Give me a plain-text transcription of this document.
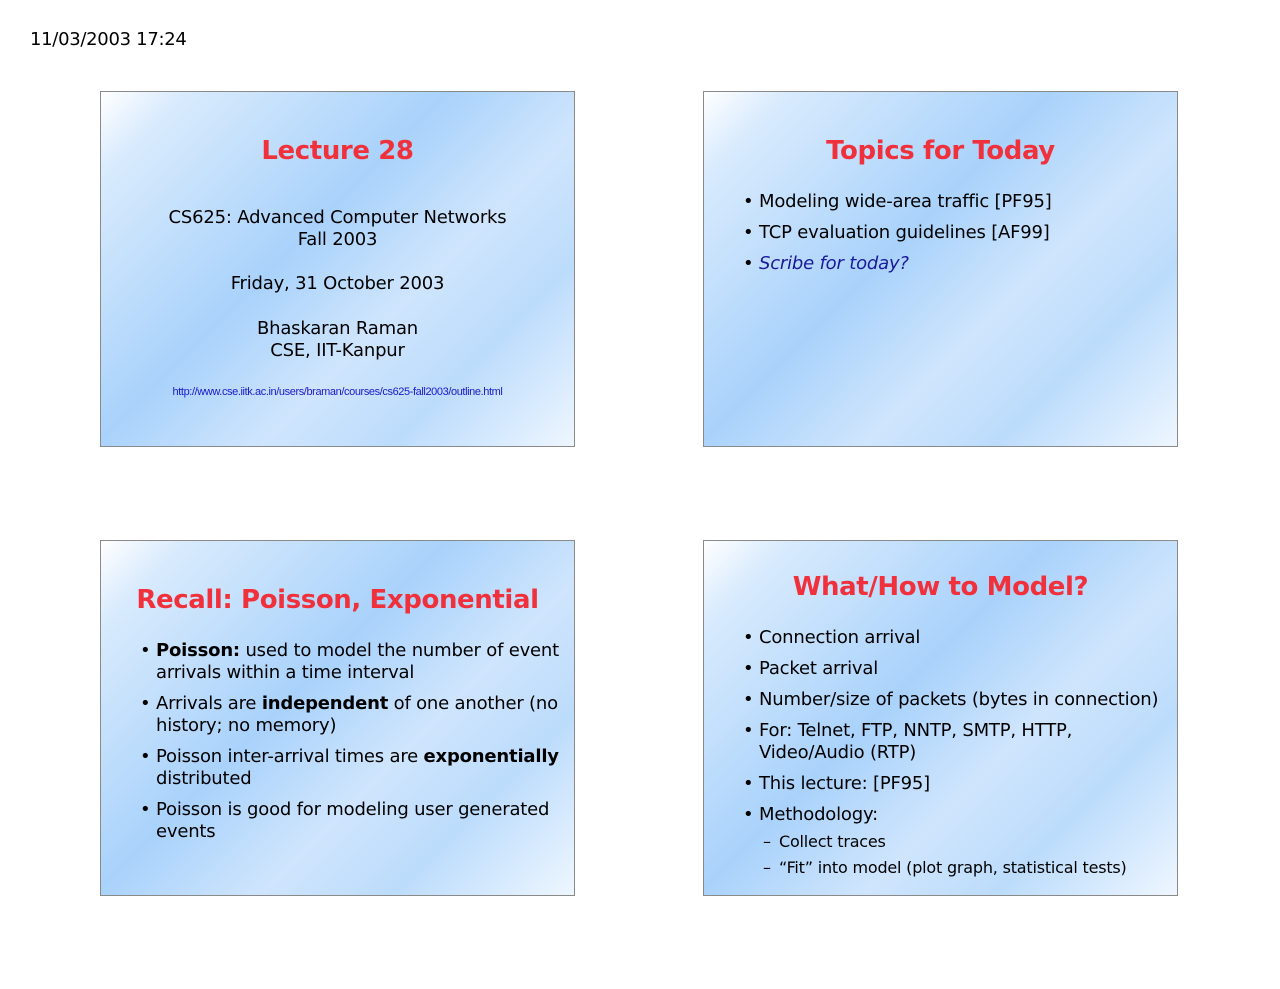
11/03/2003 17:24
Lecture 28
CS625: Advanced Computer Networks
Fall 2003
Friday, 31 October 2003
Bhaskaran Raman
CSE, IIT-Kanpur
http://www.cse.iitk.ac.in/users/braman/courses/cs625-fall2003/outline.html
Topics for Today
• Modeling wide-area traffic [PF95]
• TCP evaluation guidelines [AF99]
• Scribe for today?
Recall: Poisson, Exponential
• Poisson: used to model the number of event arrivals within a time interval
• Arrivals are independent of one another (no history; no memory)
• Poisson inter-arrival times are exponentially distributed
• Poisson is good for modeling user generated events
What/How to Model?
• Connection arrival
• Packet arrival
• Number/size of packets (bytes in connection)
• For: Telnet, FTP, NNTP, SMTP, HTTP, Video/Audio (RTP)
• This lecture: [PF95]
• Methodology:
– Collect traces
– “Fit” into model (plot graph, statistical tests)
